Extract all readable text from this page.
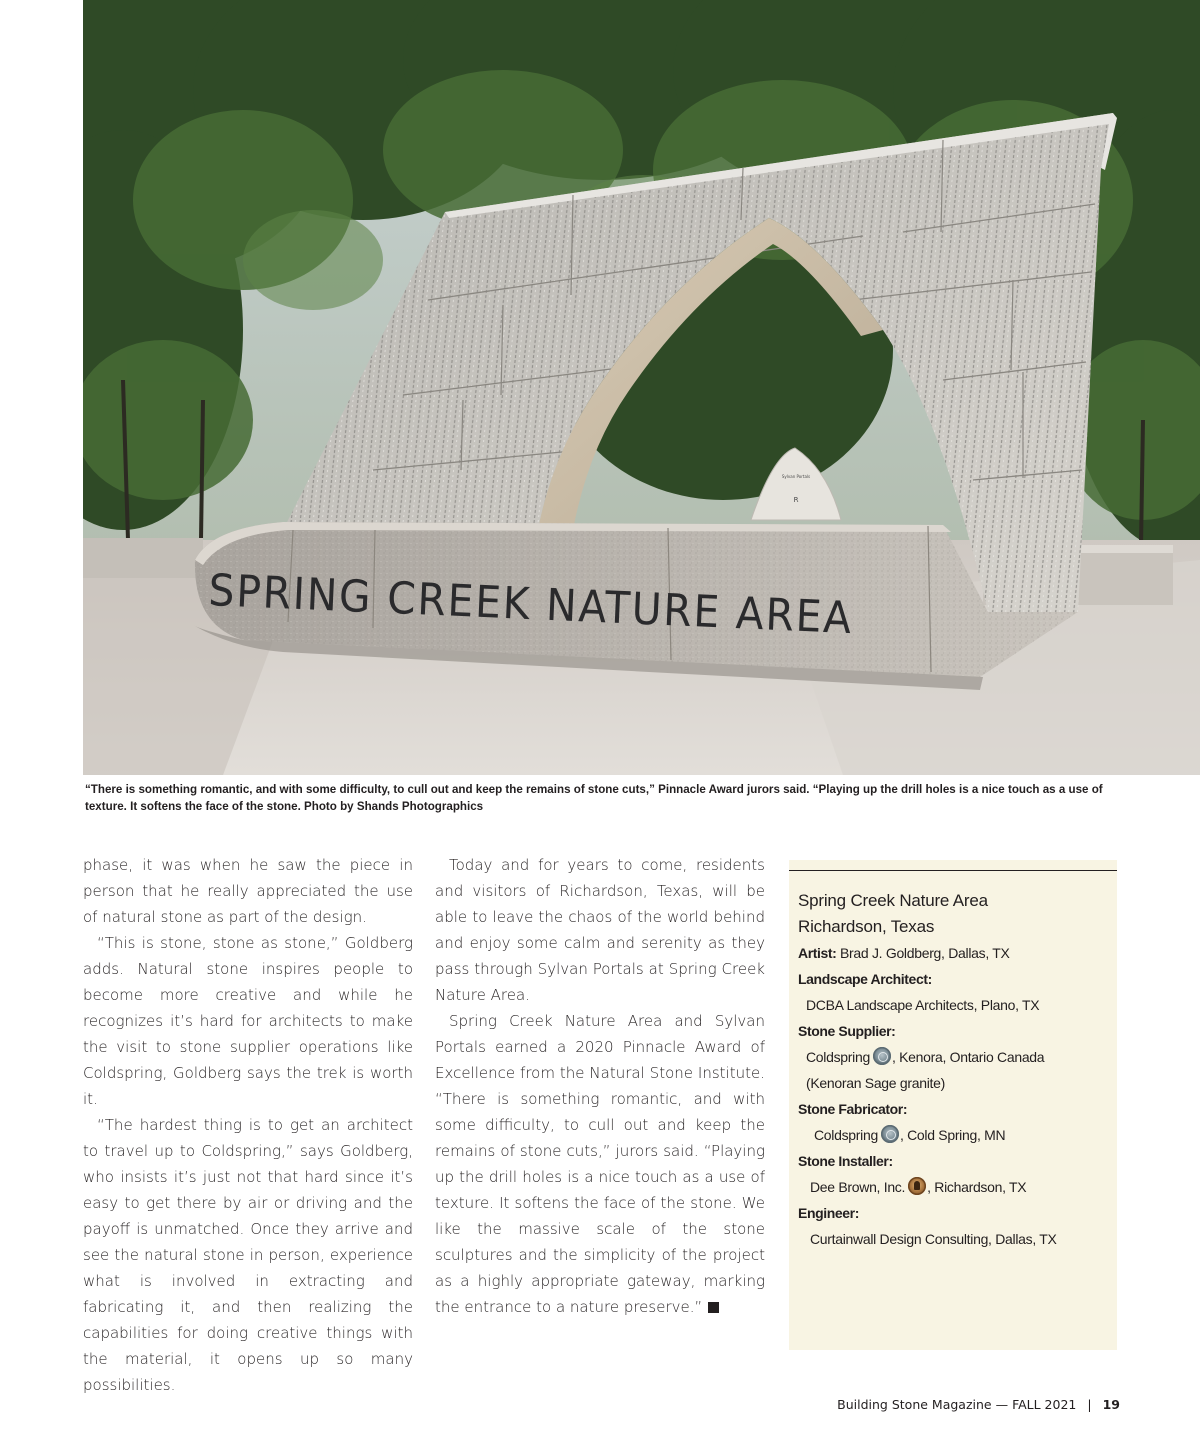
Sylvan Portals
R
SPRING CREEK NATURE AREA

“There is something romantic, and with some difficulty, to cull out and keep the remains of stone cuts,” Pinnacle Award jurors said. “Playing up the drill holes is a nice touch as a use of texture. It softens the face of the stone. Photo by Shands Photographics

phase, it was when he saw the piece in person that he really appreciated the use of natural stone as part of the design.

“This is stone, stone as stone,” Goldberg adds. Natural stone inspires people to become more creative and while he recognizes it’s hard for architects to make the visit to stone supplier operations like Coldspring, Goldberg says the trek is worth it.

“The hardest thing is to get an architect to travel up to Coldspring,” says Goldberg, who insists it’s just not that hard since it’s easy to get there by air or driving and the payoff is unmatched. Once they arrive and see the natural stone in person, experience what is involved in extracting and fabricating it, and then realizing the capabilities for doing creative things with the material, it opens up so many possibilities.

Today and for years to come, residents and visitors of Richardson, Texas, will be able to leave the chaos of the world behind and enjoy some calm and serenity as they pass through Sylvan Portals at Spring Creek Nature Area.

Spring Creek Nature Area and Sylvan Portals earned a 2020 Pinnacle Award of Excellence from the Natural Stone Institute. “There is something romantic, and with some difficulty, to cull out and keep the remains of stone cuts,” jurors said. “Playing up the drill holes is a nice touch as a use of texture. It softens the face of the stone. We like the massive scale of the stone sculptures and the simplicity of the project as a highly appropriate gateway, marking the entrance to a nature preserve.”

Spring Creek Nature Area

Richardson, Texas

Artist: Brad J. Goldberg, Dallas, TX

Landscape Architect:

DCBA Landscape Architects, Plano, TX

Stone Supplier:

Coldspring , Kenora, Ontario Canada

(Kenoran Sage granite)

Stone Fabricator:

Coldspring , Cold Spring, MN

Stone Installer:

Dee Brown, Inc. , Richardson, TX

Engineer:

Curtainwall Design Consulting, Dallas, TX

Building Stone Magazine — FALL 2021 | 19
